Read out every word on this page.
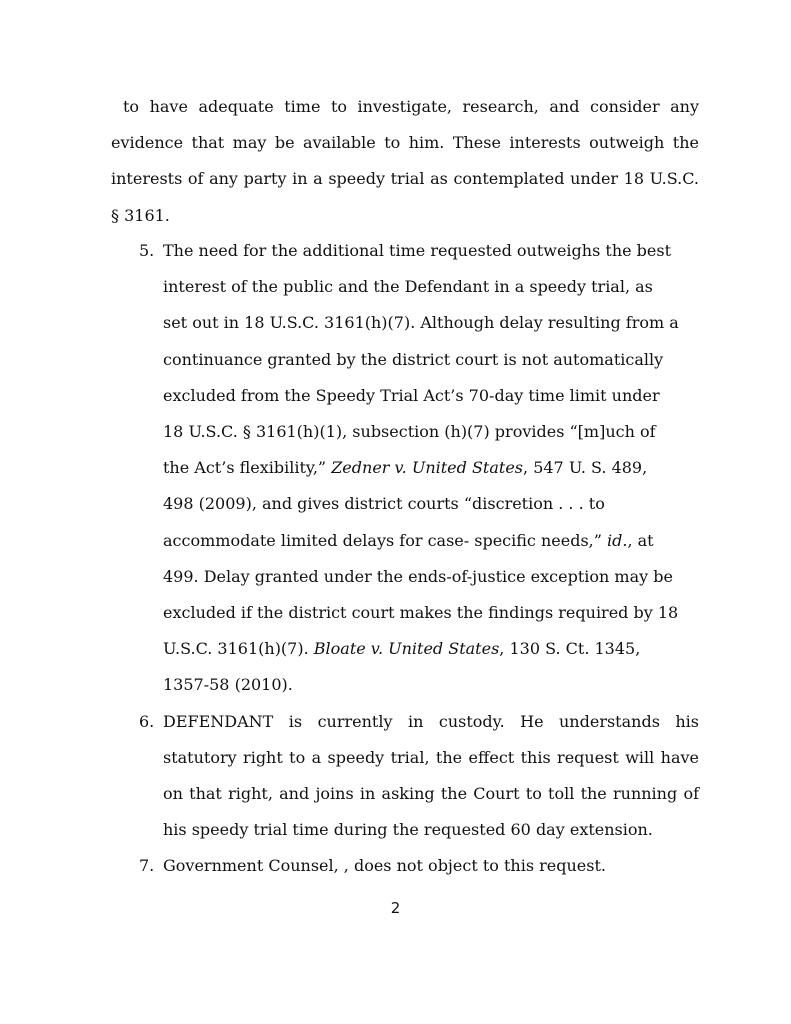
to have adequate time to investigate, research, and consider any evidence that may be available to him. These interests outweigh the interests of any party in a speedy trial as contemplated under 18 U.S.C. § 3161.

5. The need for the additional time requested outweighs the best interest of the public and the Defendant in a speedy trial, as set out in 18 U.S.C. 3161(h)(7). Although delay resulting from a continuance granted by the district court is not automatically excluded from the Speedy Trial Act’s 70-day time limit under 18 U.S.C. § 3161(h)(1), subsection (h)(7) provides “[m]uch of the Act’s flexibility,” Zedner v. United States, 547 U. S. 489, 498 (2009), and gives district courts “discretion . . . to accommodate limited delays for case- specific needs,” id., at 499. Delay granted under the ends-of-justice exception may be excluded if the district court makes the findings required by 18 U.S.C. 3161(h)(7). Bloate v. United States, 130 S. Ct. 1345, 1357-58 (2010).
6. DEFENDANT is currently in custody. He understands his statutory right to a speedy trial, the effect this request will have on that right, and joins in asking the Court to toll the running of his speedy trial time during the requested 60 day extension.
7. Government Counsel, , does not object to this request.
2
